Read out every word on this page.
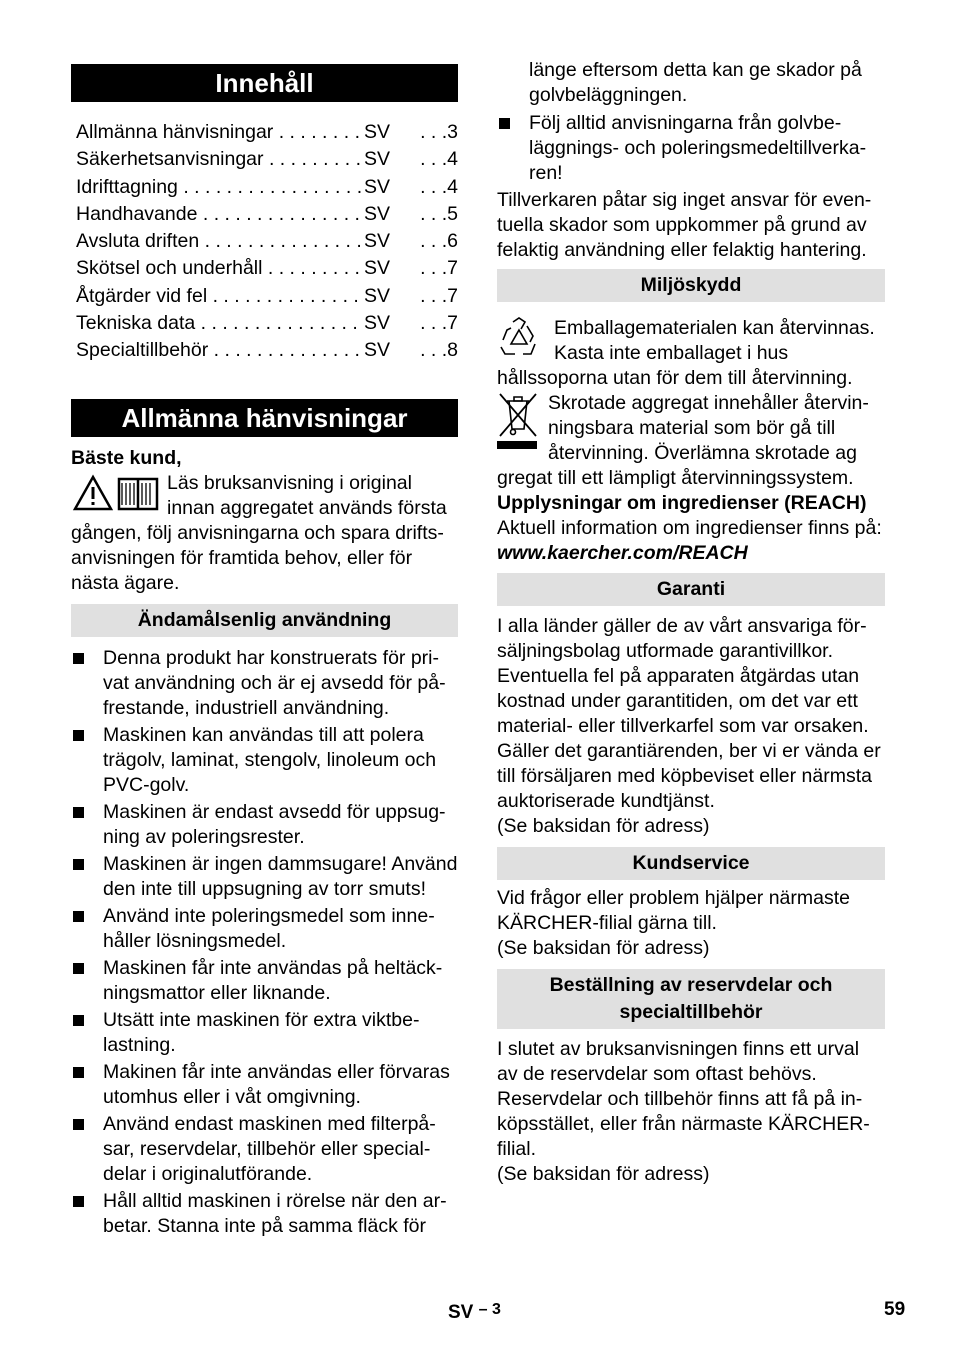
Innehåll
Allmänna hänvisningar . . .	SV	. . .3
Säkerhetsanvisningar . . .	SV	. . .4
Idrifttagning . . .	SV	. . .4
Handhavande . . .	SV	. . .5
Avsluta driften . . .	SV	. . .6
Skötsel och underhåll . . .	SV	. . .7
Åtgärder vid fel . . .	SV	. . .7
Tekniska data . . .	SV	. . .7
Specialtillbehör . . .	SV	. . .8
Allmänna hänvisningar

Bäste kund,

Läs bruksanvisning i original innan aggregatet används första

gången, följ anvisningarna och spara driftsanvisningen för framtida behov, eller för nästa ägare.

Ändamålsenlig användning
Denna produkt har konstruerats för privat användning och är ej avsedd för påfrestande, industriell användning.
Maskinen kan användas till att polera trägolv, laminat, stengolv, linoleum och PVC-golv.
Maskinen är endast avsedd för uppsugning av poleringsrester.
Maskinen är ingen dammsugare! Använd den inte till uppsugning av torr smuts!
Använd inte poleringsmedel som innehåller lösningsmedel.
Maskinen får inte användas på heltäckningsmattor eller liknande.
Utsätt inte maskinen för extra viktbelastning.
Makinen får inte användas eller förvaras utomhus eller i våt omgivning.
Använd endast maskinen med filterpåsar, reservdelar, tillbehör eller specialdelar i originalutförande.
Håll alltid maskinen i rörelse när den arbetar. Stanna inte på samma fläck för

länge eftersom detta kan ge skador på golvbeläggningen.

Följ alltid anvisningarna från golvbeläggnings- och poleringsmedeltillverkaren!

Tillverkaren påtar sig inget ansvar för eventuella skador som uppkommer på grund av felaktig användning eller felaktig hantering.

Miljöskydd

Emballagematerialen kan återvinnas. Kasta inte emballaget i hus

hållssoporna utan för dem till återvinning.

Skrotade aggregat innehåller återvinningsbara material som bör gå till

återvinning. Överlämna skrotade ag

gregat till ett lämpligt återvinningssystem.

Upplysningar om ingredienser (REACH)

Aktuell information om ingredienser finns på:

www.kaercher.com/REACH

Garanti

I alla länder gäller de av vårt ansvariga försäljningsbolag utformade garantivillkor. Eventuella fel på apparaten åtgärdas utan kostnad under garantitiden, om det var ett material- eller tillverkarfel som var orsaken. Gäller det garantiärenden, ber vi er vända er till försäljaren med köpbeviset eller närmsta auktoriserade kundtjänst.

(Se baksidan för adress)

Kundservice

Vid frågor eller problem hjälper närmaste KÄRCHER-filial gärna till.

(Se baksidan för adress)

Beställning av reservdelar och specialtillbehör

I slutet av bruksanvisningen finns ett urval av de reservdelar som oftast behövs. Reservdelar och tillbehör finns att få på inköpsstället, eller från närmaste KÄRCHER-filial.

(Se baksidan för adress)

SV $^{- 3}$	59
